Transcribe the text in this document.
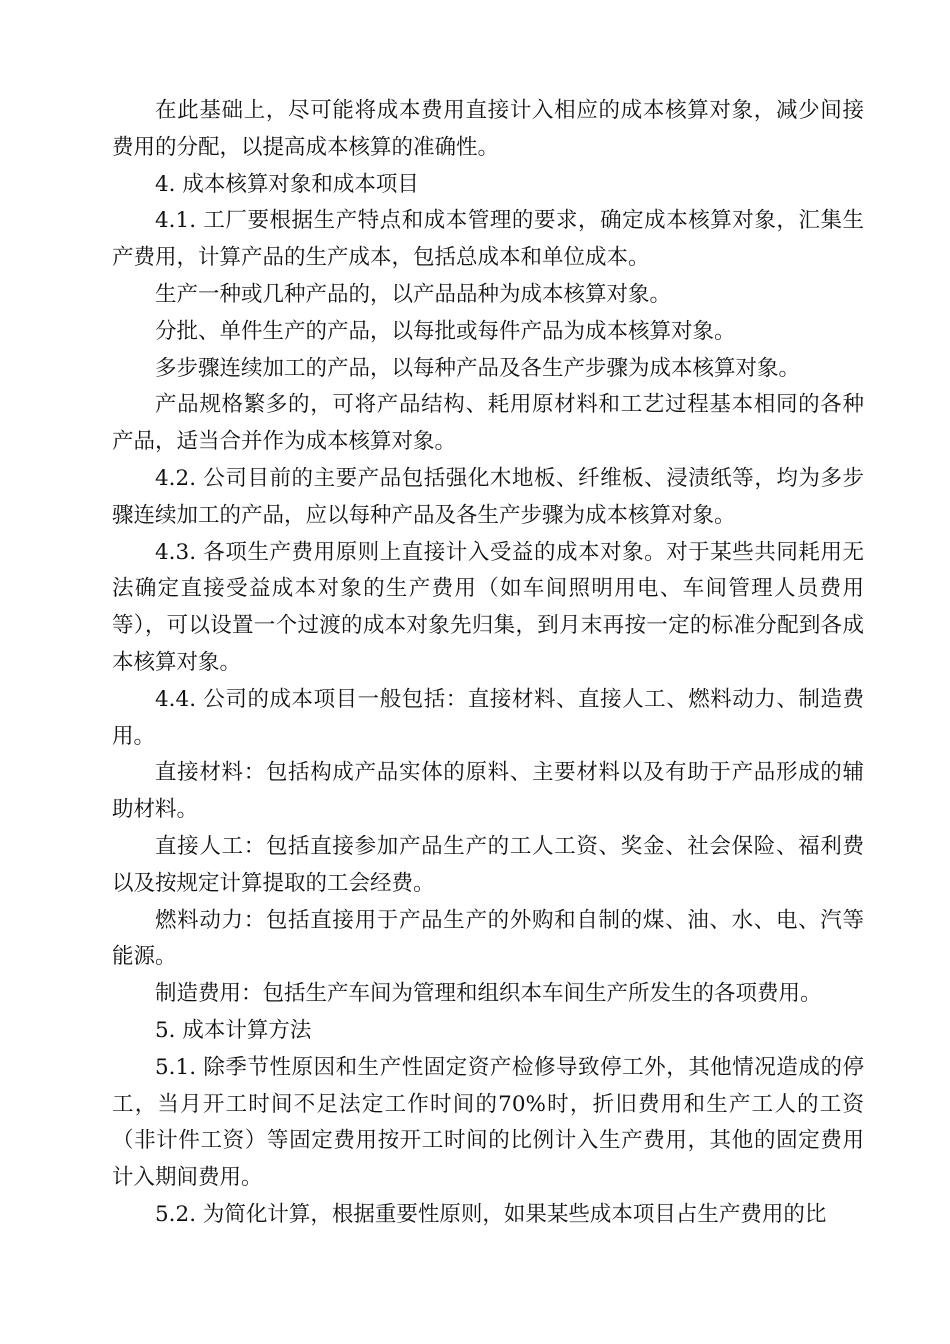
在此基础上，尽可能将成本费用直接计入相应的成本核算对象，减少间接费用的分配，以提高成本核算的准确性。

4. 成本核算对象和成本项目

4.1. 工厂要根据生产特点和成本管理的要求，确定成本核算对象，汇集生产费用，计算产品的生产成本，包括总成本和单位成本。

生产一种或几种产品的，以产品品种为成本核算对象。

分批、单件生产的产品，以每批或每件产品为成本核算对象。

多步骤连续加工的产品，以每种产品及各生产步骤为成本核算对象。

产品规格繁多的，可将产品结构、耗用原材料和工艺过程基本相同的各种产品，适当合并作为成本核算对象。

4.2. 公司目前的主要产品包括强化木地板、纤维板、浸渍纸等，均为多步骤连续加工的产品，应以每种产品及各生产步骤为成本核算对象。

4.3. 各项生产费用原则上直接计入受益的成本对象。对于某些共同耗用无法确定直接受益成本对象的生产费用（如车间照明用电、车间管理人员费用等），可以设置一个过渡的成本对象先归集，到月末再按一定的标准分配到各成本核算对象。

4.4. 公司的成本项目一般包括：直接材料、直接人工、燃料动力、制造费用。

直接材料：包括构成产品实体的原料、主要材料以及有助于产品形成的辅助材料。

直接人工：包括直接参加产品生产的工人工资、奖金、社会保险、福利费以及按规定计算提取的工会经费。

燃料动力：包括直接用于产品生产的外购和自制的煤、油、水、电、汽等能源。

制造费用：包括生产车间为管理和组织本车间生产所发生的各项费用。

5. 成本计算方法

5.1. 除季节性原因和生产性固定资产检修导致停工外，其他情况造成的停工，当月开工时间不足法定工作时间的70%时，折旧费用和生产工人的工资（非计件工资）等固定费用按开工时间的比例计入生产费用，其他的固定费用计入期间费用。

5.2. 为简化计算，根据重要性原则，如果某些成本项目占生产费用的比
